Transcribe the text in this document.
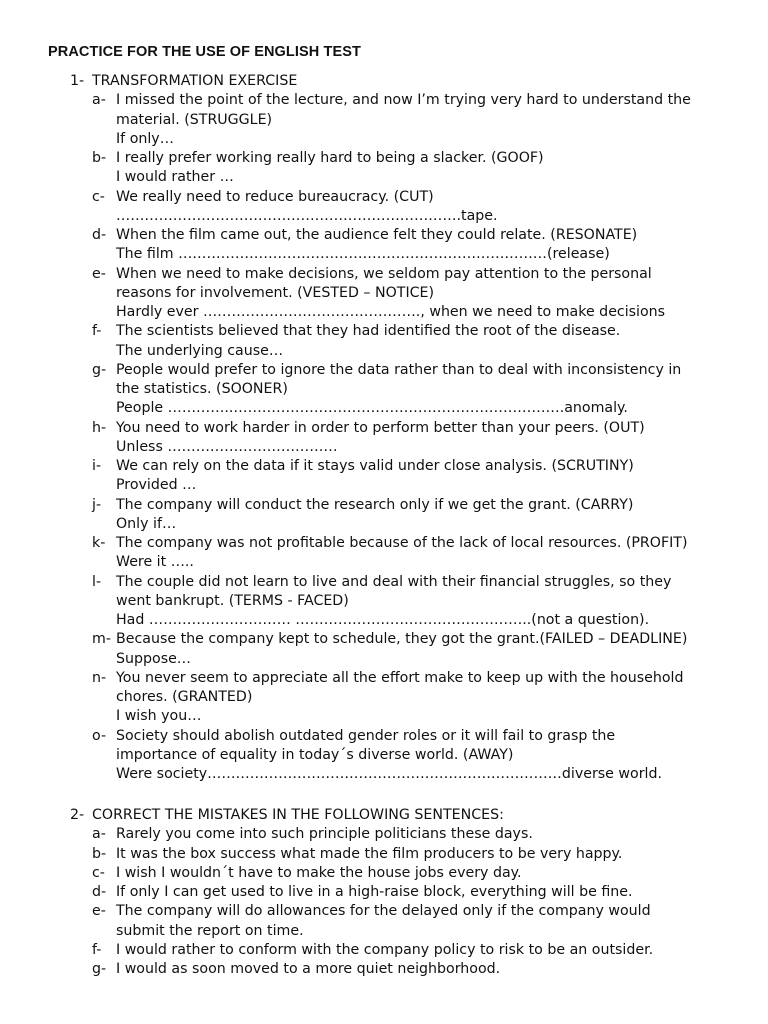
PRACTICE FOR THE USE OF ENGLISH TEST
1- TRANSFORMATION EXERCISE
a- I missed the point of the lecture, and now I’m trying very hard to understand the
material. (STRUGGLE)
If only…
b- I really prefer working really hard to being a slacker. (GOOF)
I would rather …
c- We really need to reduce bureaucracy. (CUT)
……………………………………………………………….tape.
d- When the film came out, the audience felt they could relate. (RESONATE)
The film ……………………………………………………………………(release)
e- When we need to make decisions, we seldom pay attention to the personal
reasons for involvement. (VESTED – NOTICE)
Hardly ever ………………………………………., when we need to make decisions
f- The scientists believed that they had identified the root of the disease.
The underlying cause…
g- People would prefer to ignore the data rather than to deal with inconsistency in
the statistics. (SOONER)
People …………..…………………………………………………………….anomaly.
h- You need to work harder in order to perform better than your peers. (OUT)
Unless ………………………………
i- We can rely on the data if it stays valid under close analysis. (SCRUTINY)
Provided …
j- The company will conduct the research only if we get the grant. (CARRY)
Only if…
k- The company was not profitable because of the lack of local resources. (PROFIT)
Were it …..
l- The couple did not learn to live and deal with their financial struggles, so they
went bankrupt. (TERMS - FACED)
Had ………………………… …………………………………………..(not a question).
m- Because the company kept to schedule, they got the grant.(FAILED – DEADLINE)
Suppose…
n- You never seem to appreciate all the effort make to keep up with the household
chores. (GRANTED)
I wish you…
o- Society should abolish outdated gender roles or it will fail to grasp the
importance of equality in today´s diverse world. (AWAY)
Were society…………………………………………………………………diverse world.
2- CORRECT THE MISTAKES IN THE FOLLOWING SENTENCES:
a- Rarely you come into such principle politicians these days.
b- It was the box success what made the film producers to be very happy.
c- I wish I wouldn´t have to make the house jobs every day.
d- If only I can get used to live in a high-raise block, everything will be fine.
e- The company will do allowances for the delayed only if the company would
submit the report on time.
f- I would rather to conform with the company policy to risk to be an outsider.
g- I would as soon moved to a more quiet neighborhood.
